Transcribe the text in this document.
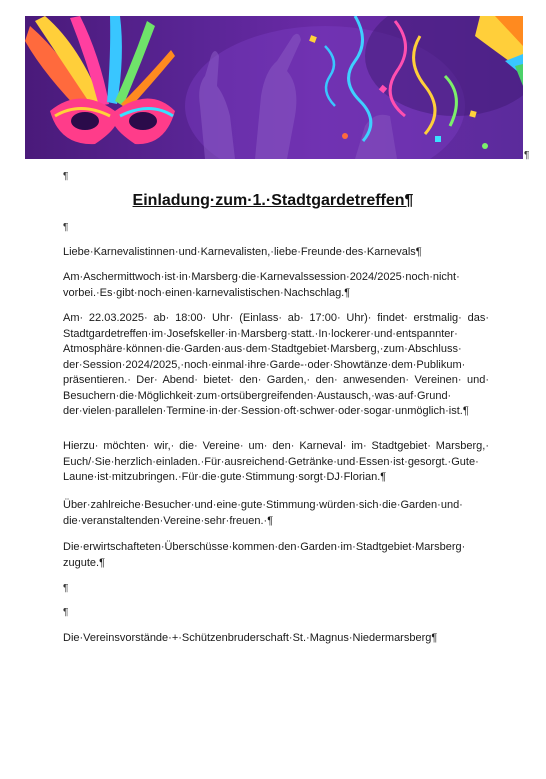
¶
¶
Einladung·zum·1.·Stadtgardetreffen¶
¶
Liebe·Karnevalistinnen·und·Karnevalisten,·liebe·Freunde·des·Karnevals¶
Am·Aschermittwoch·ist·in·Marsberg·die·Karnevalssession·2024/2025·noch·nicht· vorbei.·Es·gibt·noch·einen·karnevalistischen·Nachschlag.¶
Am· 22.03.2025· ab· 18:00· Uhr· (Einlass· ab· 17:00· Uhr)· findet· erstmalig· das· Stadtgardetreffen·im·Josefskeller·in·Marsberg·statt.·In·lockerer·und·entspannter· Atmosphäre·können·die·Garden·aus·dem·Stadtgebiet·Marsberg,·zum·Abschluss· der·Session·2024/2025,·noch·einmal·ihre·Garde-·oder·Showtänze·dem·Publikum· präsentieren.· Der· Abend· bietet· den· Garden,· den· anwesenden· Vereinen· und· Besuchern·die·Möglichkeit·zum·ortsübergreifenden·Austausch,·was·auf·Grund· der·vielen·parallelen·Termine·in·der·Session·oft·schwer·oder·sogar·unmöglich·ist.¶
Hierzu· möchten· wir,· die· Vereine· um· den· Karneval· im· Stadtgebiet· Marsberg,· Euch/·Sie·herzlich·einladen.·Für·ausreichend·Getränke·und·Essen·ist·gesorgt.·Gute· Laune·ist·mitzubringen.·Für·die·gute·Stimmung·sorgt·DJ·Florian.¶
Über·zahlreiche·Besucher·und·eine·gute·Stimmung·würden·sich·die·Garden·und· die·veranstaltenden·Vereine·sehr·freuen.·¶
Die·erwirtschafteten·Überschüsse·kommen·den·Garden·im·Stadtgebiet·Marsberg· zugute.¶
¶
¶
Die·Vereinsvorstände·+·Schützenbruderschaft·St.·Magnus·Niedermarsberg¶
